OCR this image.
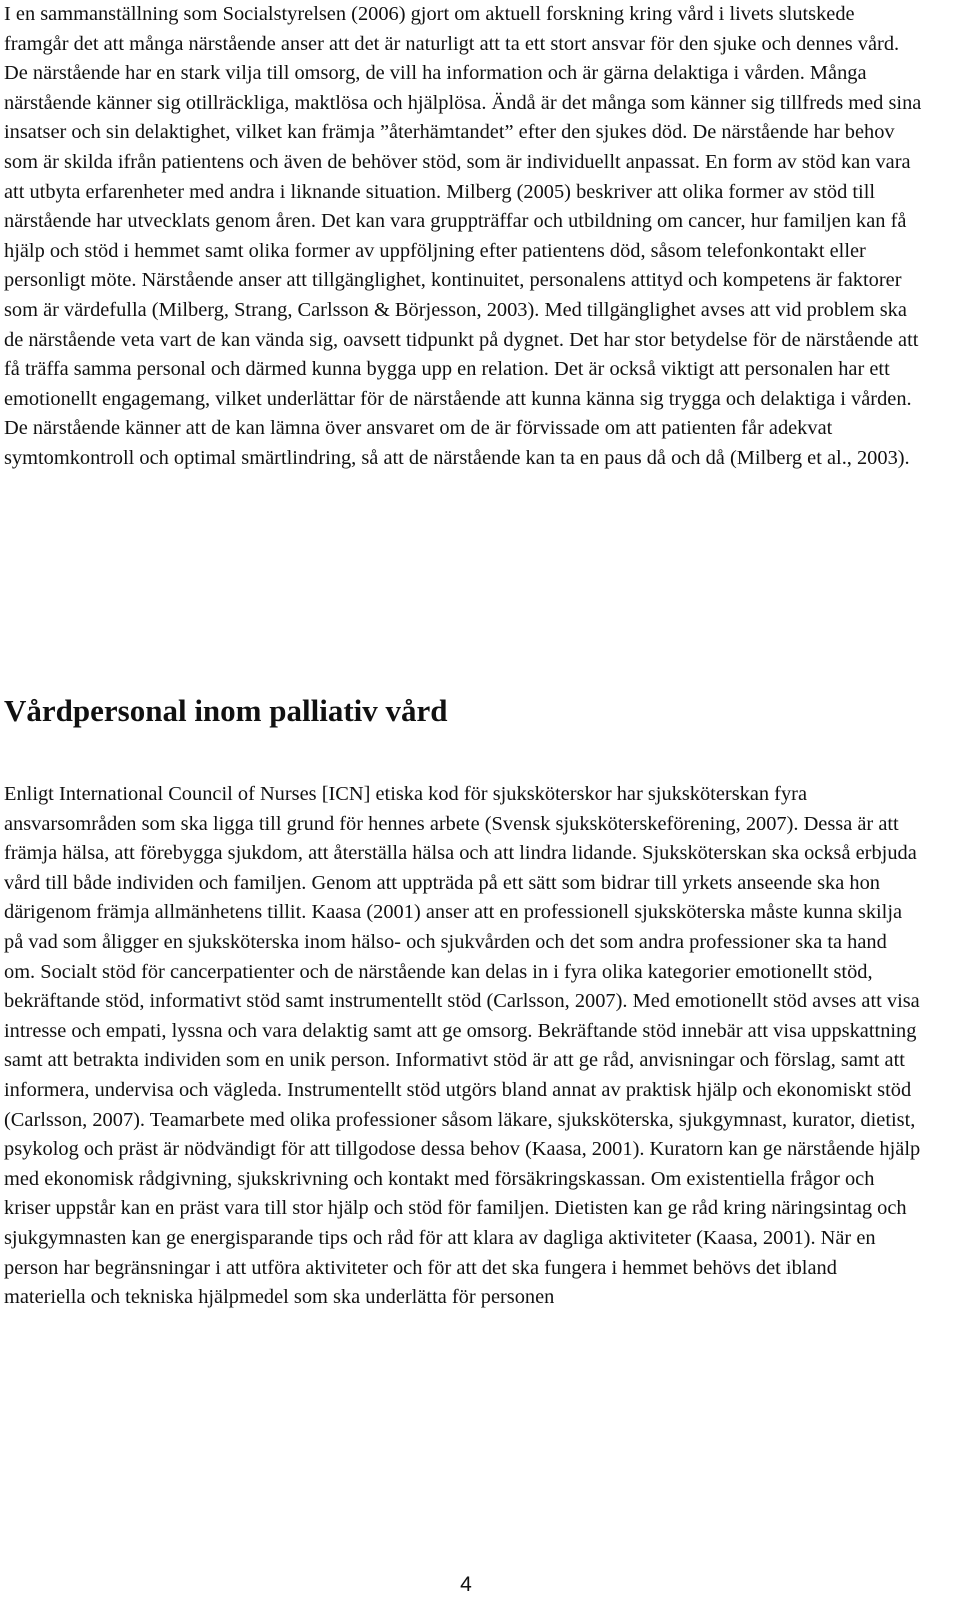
I en sammanställning som Socialstyrelsen (2006) gjort om aktuell forskning kring vård i livets slutskede framgår det att många närstående anser att det är naturligt att ta ett stort ansvar för den sjuke och dennes vård. De närstående har en stark vilja till omsorg, de vill ha information och är gärna delaktiga i vården. Många närstående känner sig otillräckliga, maktlösa och hjälplösa. Ändå är det många som känner sig tillfreds med sina insatser och sin delaktighet, vilket kan främja ”återhämtandet” efter den sjukes död. De närstående har behov som är skilda ifrån patientens och även de behöver stöd, som är individuellt anpassat. En form av stöd kan vara att utbyta erfarenheter med andra i liknande situation. Milberg (2005) beskriver att olika former av stöd till närstående har utvecklats genom åren. Det kan vara gruppträffar och utbildning om cancer, hur familjen kan få hjälp och stöd i hemmet samt olika former av uppföljning efter patientens död, såsom telefonkontakt eller personligt möte. Närstående anser att tillgänglighet, kontinuitet, personalens attityd och kompetens är faktorer som är värdefulla (Milberg, Strang, Carlsson & Börjesson, 2003). Med tillgänglighet avses att vid problem ska de närstående veta vart de kan vända sig, oavsett tidpunkt på dygnet. Det har stor betydelse för de närstående att få träffa samma personal och därmed kunna bygga upp en relation. Det är också viktigt att personalen har ett emotionellt engagemang, vilket underlättar för de närstående att kunna känna sig trygga och delaktiga i vården. De närstående känner att de kan lämna över ansvaret om de är förvissade om att patienten får adekvat symtomkontroll och optimal smärtlindring, så att de närstående kan ta en paus då och då (Milberg et al., 2003).

Vårdpersonal inom palliativ vård

Enligt International Council of Nurses [ICN] etiska kod för sjuksköterskor har sjuksköterskan fyra ansvarsområden som ska ligga till grund för hennes arbete (Svensk sjuksköterskeförening, 2007). Dessa är att främja hälsa, att förebygga sjukdom, att återställa hälsa och att lindra lidande. Sjuksköterskan ska också erbjuda vård till både individen och familjen. Genom att uppträda på ett sätt som bidrar till yrkets anseende ska hon därigenom främja allmänhetens tillit. Kaasa (2001) anser att en professionell sjuksköterska måste kunna skilja på vad som åligger en sjuksköterska inom hälso- och sjukvården och det som andra professioner ska ta hand om. Socialt stöd för cancerpatienter och de närstående kan delas in i fyra olika kategorier emotionellt stöd, bekräftande stöd, informativt stöd samt instrumentellt stöd (Carlsson, 2007). Med emotionellt stöd avses att visa intresse och empati, lyssna och vara delaktig samt att ge omsorg. Bekräftande stöd innebär att visa uppskattning samt att betrakta individen som en unik person. Informativt stöd är att ge råd, anvisningar och förslag, samt att informera, undervisa och vägleda. Instrumentellt stöd utgörs bland annat av praktisk hjälp och ekonomiskt stöd (Carlsson, 2007). Teamarbete med olika professioner såsom läkare, sjuksköterska, sjukgymnast, kurator, dietist, psykolog och präst är nödvändigt för att tillgodose dessa behov (Kaasa, 2001). Kuratorn kan ge närstående hjälp med ekonomisk rådgivning, sjukskrivning och kontakt med försäkringskassan. Om existentiella frågor och kriser uppstår kan en präst vara till stor hjälp och stöd för familjen. Dietisten kan ge råd kring näringsintag och sjukgymnasten kan ge energisparande tips och råd för att klara av dagliga aktiviteter (Kaasa, 2001). När en person har begränsningar i att utföra aktiviteter och för att det ska fungera i hemmet behövs det ibland materiella och tekniska hjälpmedel som ska underlätta för personen

4
